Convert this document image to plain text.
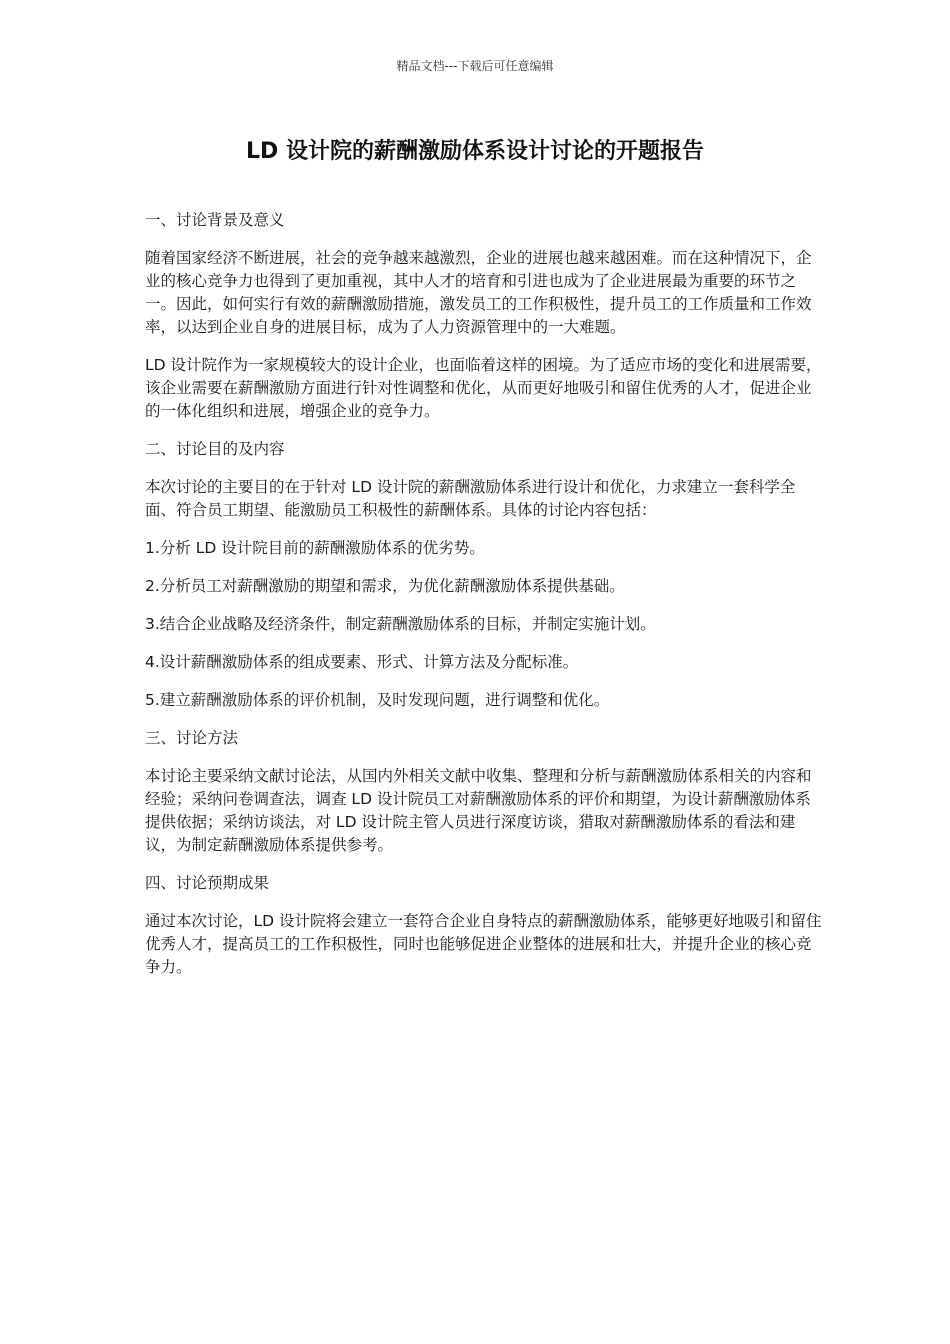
精品文档---下载后可任意编辑
LD 设计院的薪酬激励体系设计讨论的开题报告

一、讨论背景及意义

随着国家经济不断进展，社会的竞争越来越激烈，企业的进展也越来越困难。而在这种情况下，企业的核心竞争力也得到了更加重视，其中人才的培育和引进也成为了企业进展最为重要的环节之一。因此，如何实行有效的薪酬激励措施，激发员工的工作积极性，提升员工的工作质量和工作效率，以达到企业自身的进展目标，成为了人力资源管理中的一大难题。

LD 设计院作为一家规模较大的设计企业，也面临着这样的困境。为了适应市场的变化和进展需要，该企业需要在薪酬激励方面进行针对性调整和优化，从而更好地吸引和留住优秀的人才，促进企业的一体化组织和进展，增强企业的竞争力。

二、讨论目的及内容

本次讨论的主要目的在于针对 LD 设计院的薪酬激励体系进行设计和优化，力求建立一套科学全面、符合员工期望、能激励员工积极性的薪酬体系。具体的讨论内容包括：

1.分析 LD 设计院目前的薪酬激励体系的优劣势。

2.分析员工对薪酬激励的期望和需求，为优化薪酬激励体系提供基础。

3.结合企业战略及经济条件，制定薪酬激励体系的目标，并制定实施计划。

4.设计薪酬激励体系的组成要素、形式、计算方法及分配标准。

5.建立薪酬激励体系的评价机制，及时发现问题，进行调整和优化。

三、讨论方法

本讨论主要采纳文献讨论法，从国内外相关文献中收集、整理和分析与薪酬激励体系相关的内容和经验；采纳问卷调查法，调查 LD 设计院员工对薪酬激励体系的评价和期望，为设计薪酬激励体系提供依据；采纳访谈法，对 LD 设计院主管人员进行深度访谈，猎取对薪酬激励体系的看法和建议，为制定薪酬激励体系提供参考。

四、讨论预期成果

通过本次讨论，LD 设计院将会建立一套符合企业自身特点的薪酬激励体系，能够更好地吸引和留住优秀人才，提高员工的工作积极性，同时也能够促进企业整体的进展和壮大，并提升企业的核心竞争力。
